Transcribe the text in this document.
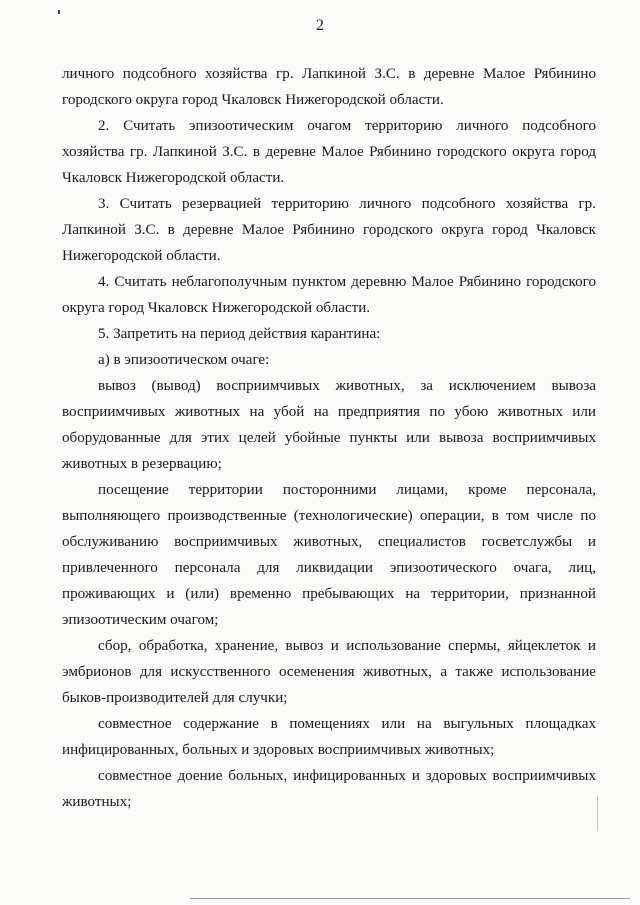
2

личного подсобного хозяйства гр. Лапкиной З.С. в деревне Малое Рябинино городского округа город Чкаловск Нижегородской области.

2. Считать эпизоотическим очагом территорию личного подсобного хозяйства гр. Лапкиной З.С. в деревне Малое Рябинино городского округа город Чкаловск Нижегородской области.

3. Считать резервацией территорию личного подсобного хозяйства гр. Лапкиной З.С. в деревне Малое Рябинино городского округа город Чкаловск Нижегородской области.

4. Считать неблагополучным пунктом деревню Малое Рябинино городского округа город Чкаловск Нижегородской области.

5. Запретить на период действия карантина:

а) в эпизоотическом очаге:

вывоз (вывод) восприимчивых животных, за исключением вывоза восприимчивых животных на убой на предприятия по убою животных или оборудованные для этих целей убойные пункты или вывоза восприимчивых животных в резервацию;

посещение территории посторонними лицами, кроме персонала, выполняющего производственные (технологические) операции, в том числе по обслуживанию восприимчивых животных, специалистов госветслужбы и привлеченного персонала для ликвидации эпизоотического очага, лиц, проживающих и (или) временно пребывающих на территории, признанной эпизоотическим очагом;

сбор, обработка, хранение, вывоз и использование спермы, яйцеклеток и эмбрионов для искусственного осеменения животных, а также использование быков-производителей для случки;

совместное содержание в помещениях или на выгульных площадках инфицированных, больных и здоровых восприимчивых животных;

совместное доение больных, инфицированных и здоровых восприимчивых животных;
